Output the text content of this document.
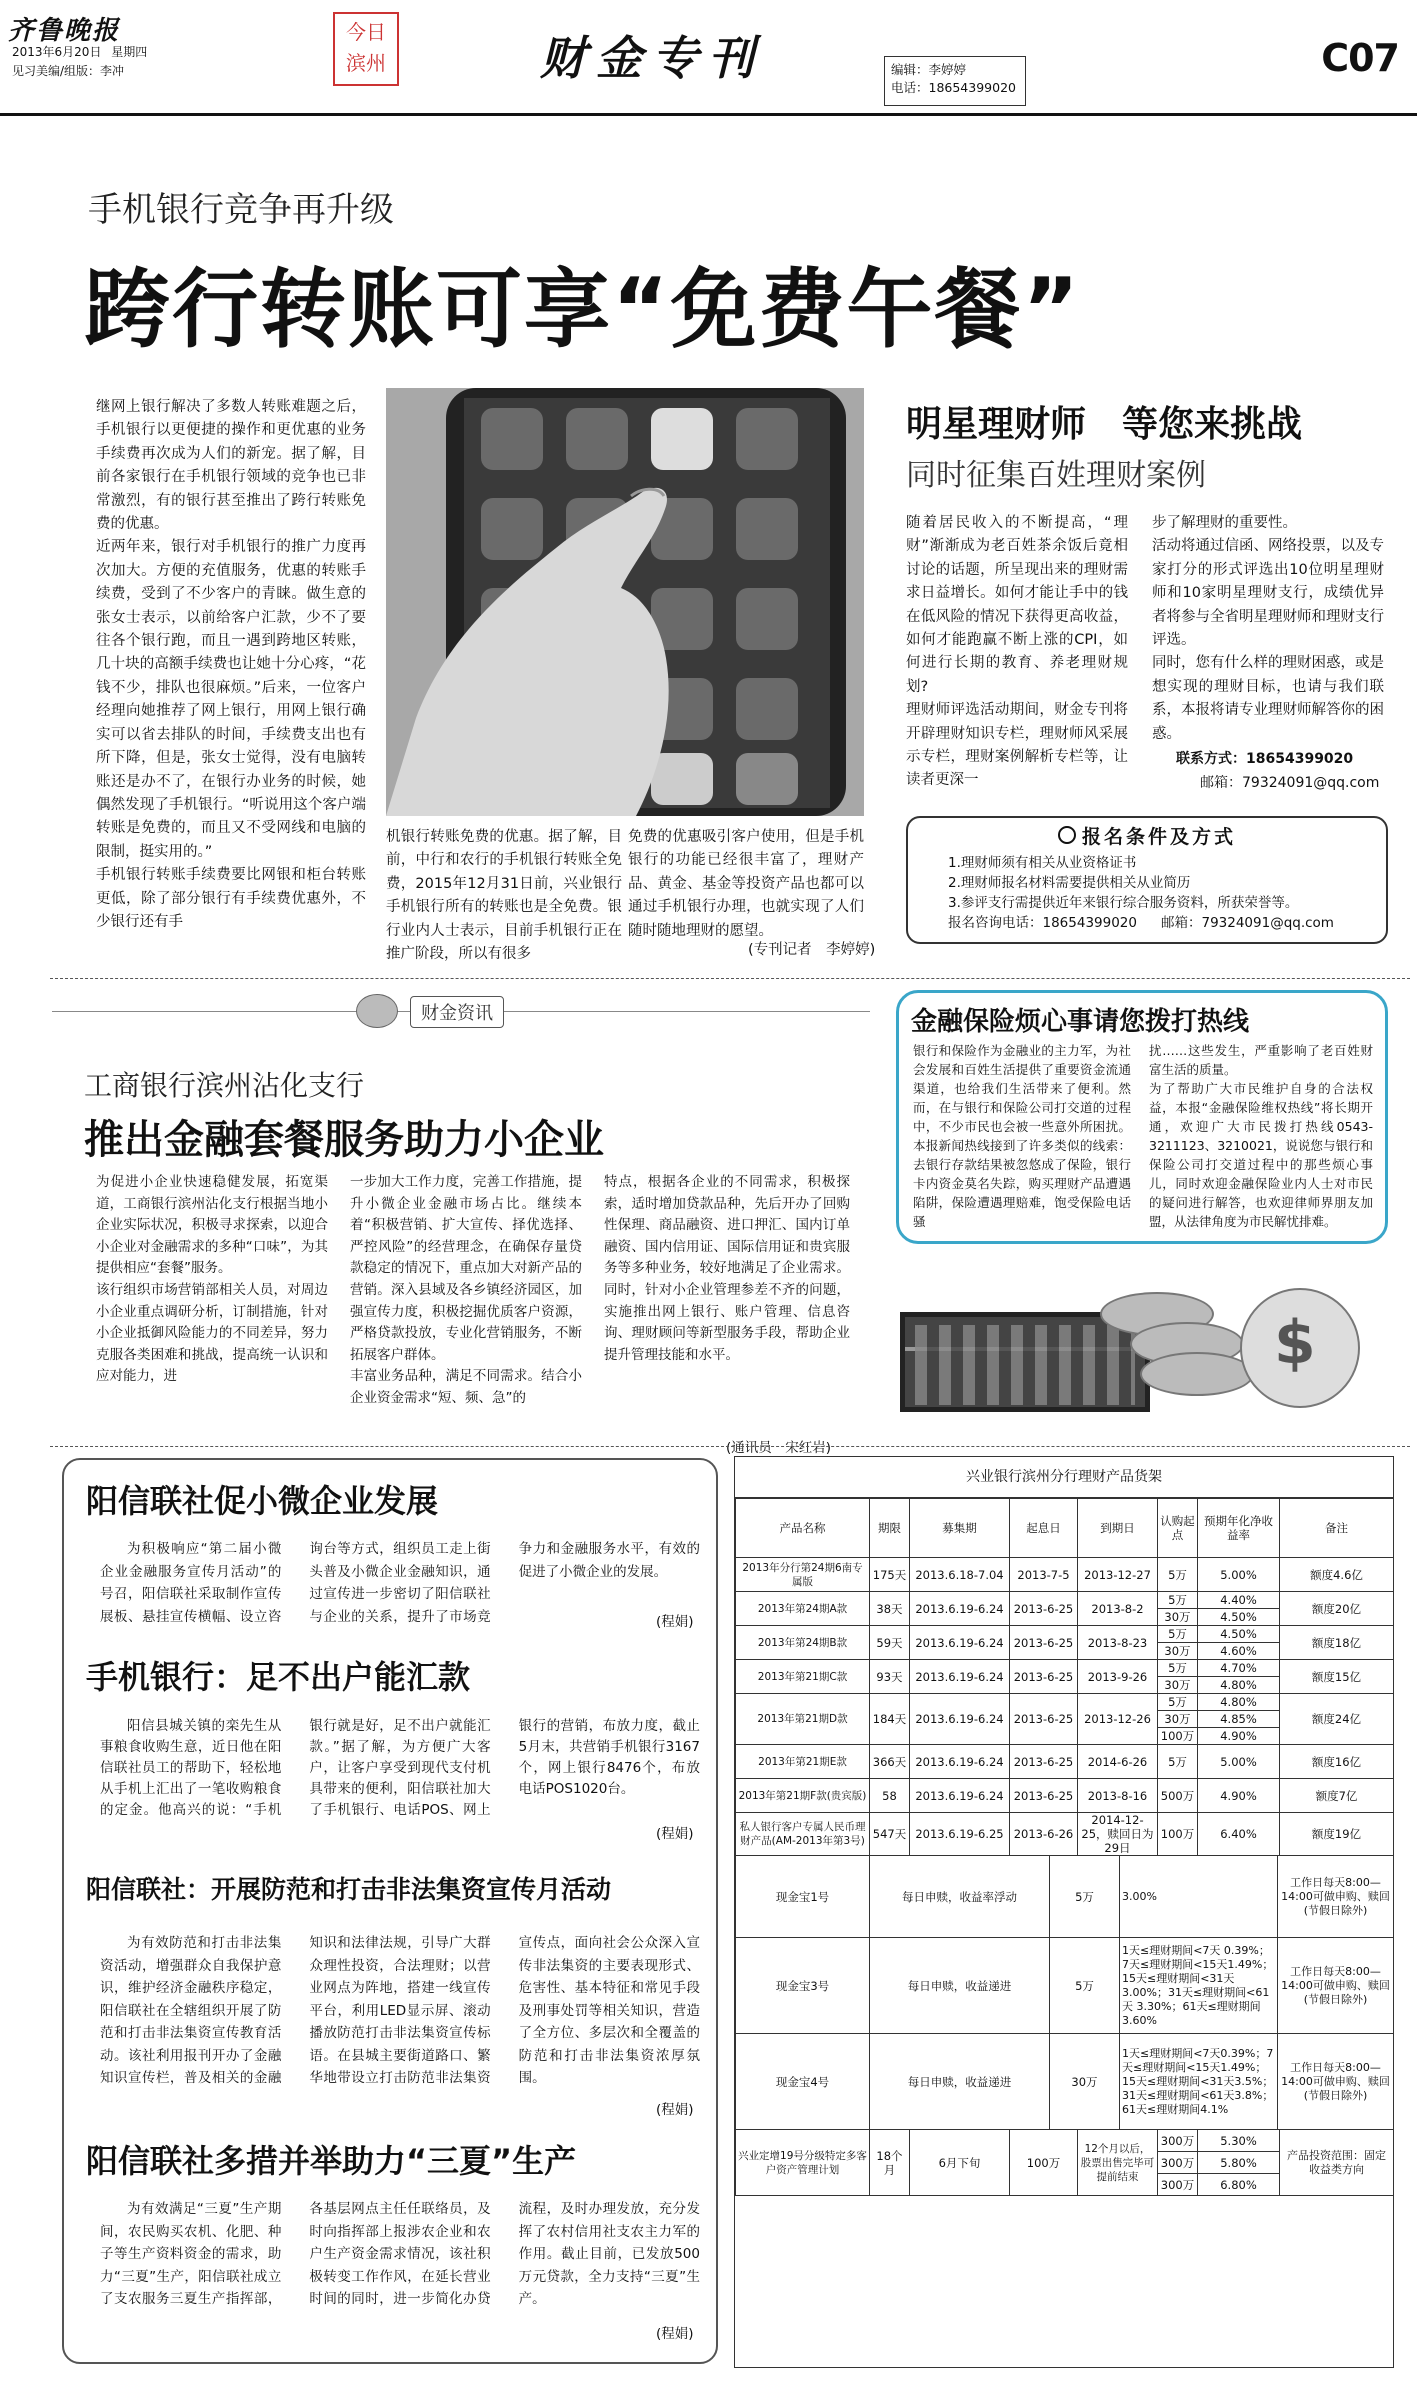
齐鲁晚报
2013年6月20日 星期四
见习美编/组版：李冲
今日滨州	财金专刊	编辑：李婷婷
电话：18654399020
C07
手机银行竞争再升级
跨行转账可享“免费午餐”
继网上银行解决了多数人转账难题之后，手机银行以更便捷的操作和更优惠的业务手续费再次成为人们的新宠。据了解，目前各家银行在手机银行领域的竞争也已非常激烈，有的银行甚至推出了跨行转账免费的优惠。
近两年来，银行对手机银行的推广力度再次加大。方便的充值服务，优惠的转账手续费，受到了不少客户的青睐。做生意的张女士表示，以前给客户汇款，少不了要往各个银行跑，而且一遇到跨地区转账，几十块的高额手续费也让她十分心疼，“花钱不少，排队也很麻烦。”后来，一位客户经理向她推荐了网上银行，用网上银行确实可以省去排队的时间，手续费支出也有所下降，但是，张女士觉得，没有电脑转账还是办不了，在银行办业务的时候，她偶然发现了手机银行。“听说用这个客户端转账是免费的，而且又不受网线和电脑的限制，挺实用的。”
手机银行转账手续费要比网银和柜台转账更低，除了部分银行有手续费优惠外，不少银行还有手
机银行转账免费的优惠。据了解，目前，中行和农行的手机银行转账全免费，2015年12月31日前，兴业银行手机银行所有的转账也是全免费。银行业内人士表示，目前手机银行正在推广阶段，所以有很多
免费的优惠吸引客户使用，但是手机银行的功能已经很丰富了，理财产品、黄金、基金等投资产品也都可以通过手机银行办理，也就实现了人们随时随地理财的愿望。
(专刊记者　李婷婷)
明星理财师　等您来挑战
同时征集百姓理财案例
随着居民收入的不断提高，“理财”渐渐成为老百姓茶余饭后竟相讨论的话题，所呈现出来的理财需求日益增长。如何才能让手中的钱在低风险的情况下获得更高收益，如何才能跑赢不断上涨的CPI，如何进行长期的教育、养老理财规划?
理财师评选活动期间，财金专刊将开辟理财知识专栏，理财师风采展示专栏，理财案例解析专栏等，让读者更深一
步了解理财的重要性。
活动将通过信函、网络投票，以及专家打分的形式评选出10位明星理财师和10家明星理财支行，成绩优异者将参与全省明星理财师和理财支行评选。
同时，您有什么样的理财困惑，或是想实现的理财目标，也请与我们联系，本报将请专业理财师解答你的困惑。
联系方式：18654399020
邮箱：79324091@qq.com
报名条件及方式
1.理财师须有相关从业资格证书
2.理财师报名材料需要提供相关从业简历
3.参评支行需提供近年来银行综合服务资料，所获荣誉等。
报名咨询电话：18654399020 邮箱：79324091@qq.com
财金资讯
工商银行滨州沾化支行
推出金融套餐服务助力小企业
为促进小企业快速稳健发展，拓宽渠道，工商银行滨州沾化支行根据当地小企业实际状况，积极寻求探索，以迎合小企业对金融需求的多种“口味”，为其提供相应“套餐”服务。
该行组织市场营销部相关人员，对周边小企业重点调研分析，订制措施，针对小企业抵御风险能力的不同差异，努力克服各类困难和挑战，提高统一认识和应对能力，进
一步加大工作力度，完善工作措施，提升小微企业金融市场占比。继续本着“积极营销、扩大宣传、择优选择、严控风险”的经营理念，在确保存量贷款稳定的情况下，重点加大对新产品的营销。深入县域及各乡镇经济园区，加强宣传力度，积极挖掘优质客户资源，严格贷款投放，专业化营销服务，不断拓展客户群体。
丰富业务品种，满足不同需求。结合小企业资金需求“短、频、急”的
特点，根据各企业的不同需求，积极探索，适时增加贷款品种，先后开办了回购性保理、商品融资、进口押汇、国内订单融资、国内信用证、国际信用证和贵宾服务等多种业务，较好地满足了企业需求。同时，针对小企业管理参差不齐的问题，实施推出网上银行、账户管理、信息咨询、理财顾问等新型服务手段，帮助企业提升管理技能和水平。
(通讯员　宋红岩)
金融保险烦心事请您拨打热线
银行和保险作为金融业的主力军，为社会发展和百姓生活提供了重要资金流通渠道，也给我们生活带来了便利。然而，在与银行和保险公司打交道的过程中，不少市民也会被一些意外所困扰。本报新闻热线接到了许多类似的线索：去银行存款结果被忽悠成了保险，银行卡内资金莫名失踪，购买理财产品遭遇陷阱，保险遭遇理赔难，饱受保险电话骚
扰……这些发生，严重影响了老百姓财富生活的质量。
为了帮助广大市民维护自身的合法权益，本报“金融保险维权热线”将长期开通，欢迎广大市民拨打热线0543-3211123、3210021，说说您与银行和保险公司打交道过程中的那些烦心事儿，同时欢迎金融保险业内人士对市民的疑问进行解答，也欢迎律师界朋友加盟，从法律角度为市民解忧排难。
$
阳信联社促小微企业发展
为积极响应“第二届小微企业金融服务宣传月活动”的号召，阳信联社采取制作宣传展板、悬挂宣传横幅、设立咨询台等方式，组织员工走上街头普及小微企业金融知识，通过宣传进一步密切了阳信联社与企业的关系，提升了市场竞争力和金融服务水平，有效的促进了小微企业的发展。
(程娟)
手机银行：足不出户能汇款
阳信县城关镇的栾先生从事粮食收购生意，近日他在阳信联社员工的帮助下，轻松地从手机上汇出了一笔收购粮食的定金。他高兴的说：“手机银行就是好，足不出户就能汇款。”据了解，为方便广大客户，让客户享受到现代支付机具带来的便利，阳信联社加大了手机银行、电话POS、网上银行的营销，布放力度，截止5月末，共营销手机银行3167个，网上银行8476个，布放电话POS1020台。
(程娟)
阳信联社：开展防范和打击非法集资宣传月活动
为有效防范和打击非法集资活动，增强群众自我保护意识，维护经济金融秩序稳定，阳信联社在全辖组织开展了防范和打击非法集资宣传教育活动。该社利用报刊开办了金融知识宣传栏，普及相关的金融知识和法律法规，引导广大群众理性投资，合法理财；以营业网点为阵地，搭建一线宣传平台，利用LED显示屏、滚动播放防范打击非法集资宣传标语。在县城主要街道路口、繁华地带设立打击防范非法集资宣传点，面向社会公众深入宣传非法集资的主要表现形式、危害性、基本特征和常见手段及刑事处罚等相关知识，营造了全方位、多层次和全覆盖的防范和打击非法集资浓厚氛围。
(程娟)
阳信联社多措并举助力“三夏”生产
为有效满足“三夏”生产期间，农民购买农机、化肥、种子等生产资料资金的需求，助力“三夏”生产，阳信联社成立了支农服务三夏生产指挥部，各基层网点主任任联络员，及时向指挥部上报涉农企业和农户生产资金需求情况，该社积极转变工作作风，在延长营业时间的同时，进一步简化办贷流程，及时办理发放，充分发挥了农村信用社支农主力军的作用。截止目前，已发放500万元贷款，全力支持“三夏”生产。
(程娟)
兴业银行滨州分行理财产品货架
产品名称	期限	募集期	起息日	到期日	认购起点	预期年化净收益率	备注
2013年分行第24期6南专属版	175天	2013.6.18-7.04	2013-7-5	2013-12-27	5万	5.00%	额度4.6亿
2013年第24期A款	38天	2013.6.19-6.24	2013-6-25	2013-8-2	5万	4.40%	额度20亿
					30万	4.50%	
2013年第24期B款	59天	2013.6.19-6.24	2013-6-25	2013-8-23	5万	4.50%	额度18亿
					30万	4.60%	
2013年第21期C款	93天	2013.6.19-6.24	2013-6-25	2013-9-26	5万	4.70%	额度15亿
					30万	4.80%	
2013年第21期D款	184天	2013.6.19-6.24	2013-6-25	2013-12-26	5万	4.80%	额度24亿
					30万	4.85%	
					100万	4.90%	
2013年第21期E款	366天	2013.6.19-6.24	2013-6-25	2014-6-26	5万	5.00%	额度16亿
2013年第21期F款(贵宾版)	58	2013.6.19-6.24	2013-6-25	2013-8-16	500万	4.90%	额度7亿
私人银行客户专属人民币理财产品(AM-2013年第3号)	547天	2013.6.19-6.25	2013-6-26	2014-12-25，赎回日为29日	100万	6.40%	额度19亿
现金宝1号	每日申赎，收益率浮动	5万	3.00%	工作日每天8:00—14:00可做申购、赎回(节假日除外)
现金宝3号	每日申赎，收益递进	5万	1天≤理财期间<7天 0.39%；7天≤理财期间<15天1.49%；15天≤理财期间<31天 3.00%；31天≤理财期间<61天 3.30%；61天≤理财期间 3.60%	工作日每天8:00—14:00可做申购、赎回(节假日除外)
现金宝4号	每日申赎，收益递进	30万	1天≤理财期间<7天0.39%；7天≤理财期间<15天1.49%；15天≤理财期间<31天3.5%；31天≤理财期间<61天3.8%；61天≤理财期间4.1%	工作日每天8:00—14:00可做申购、赎回(节假日除外)
兴业定增19号分级特定多客户资产管理计划	18个月	6月下旬	100万	12个月以后，股票出售完毕可提前结束	300万	5.30%	产品投资范围：固定收益类方向
					300万	5.80%	
					300万	6.80%	
